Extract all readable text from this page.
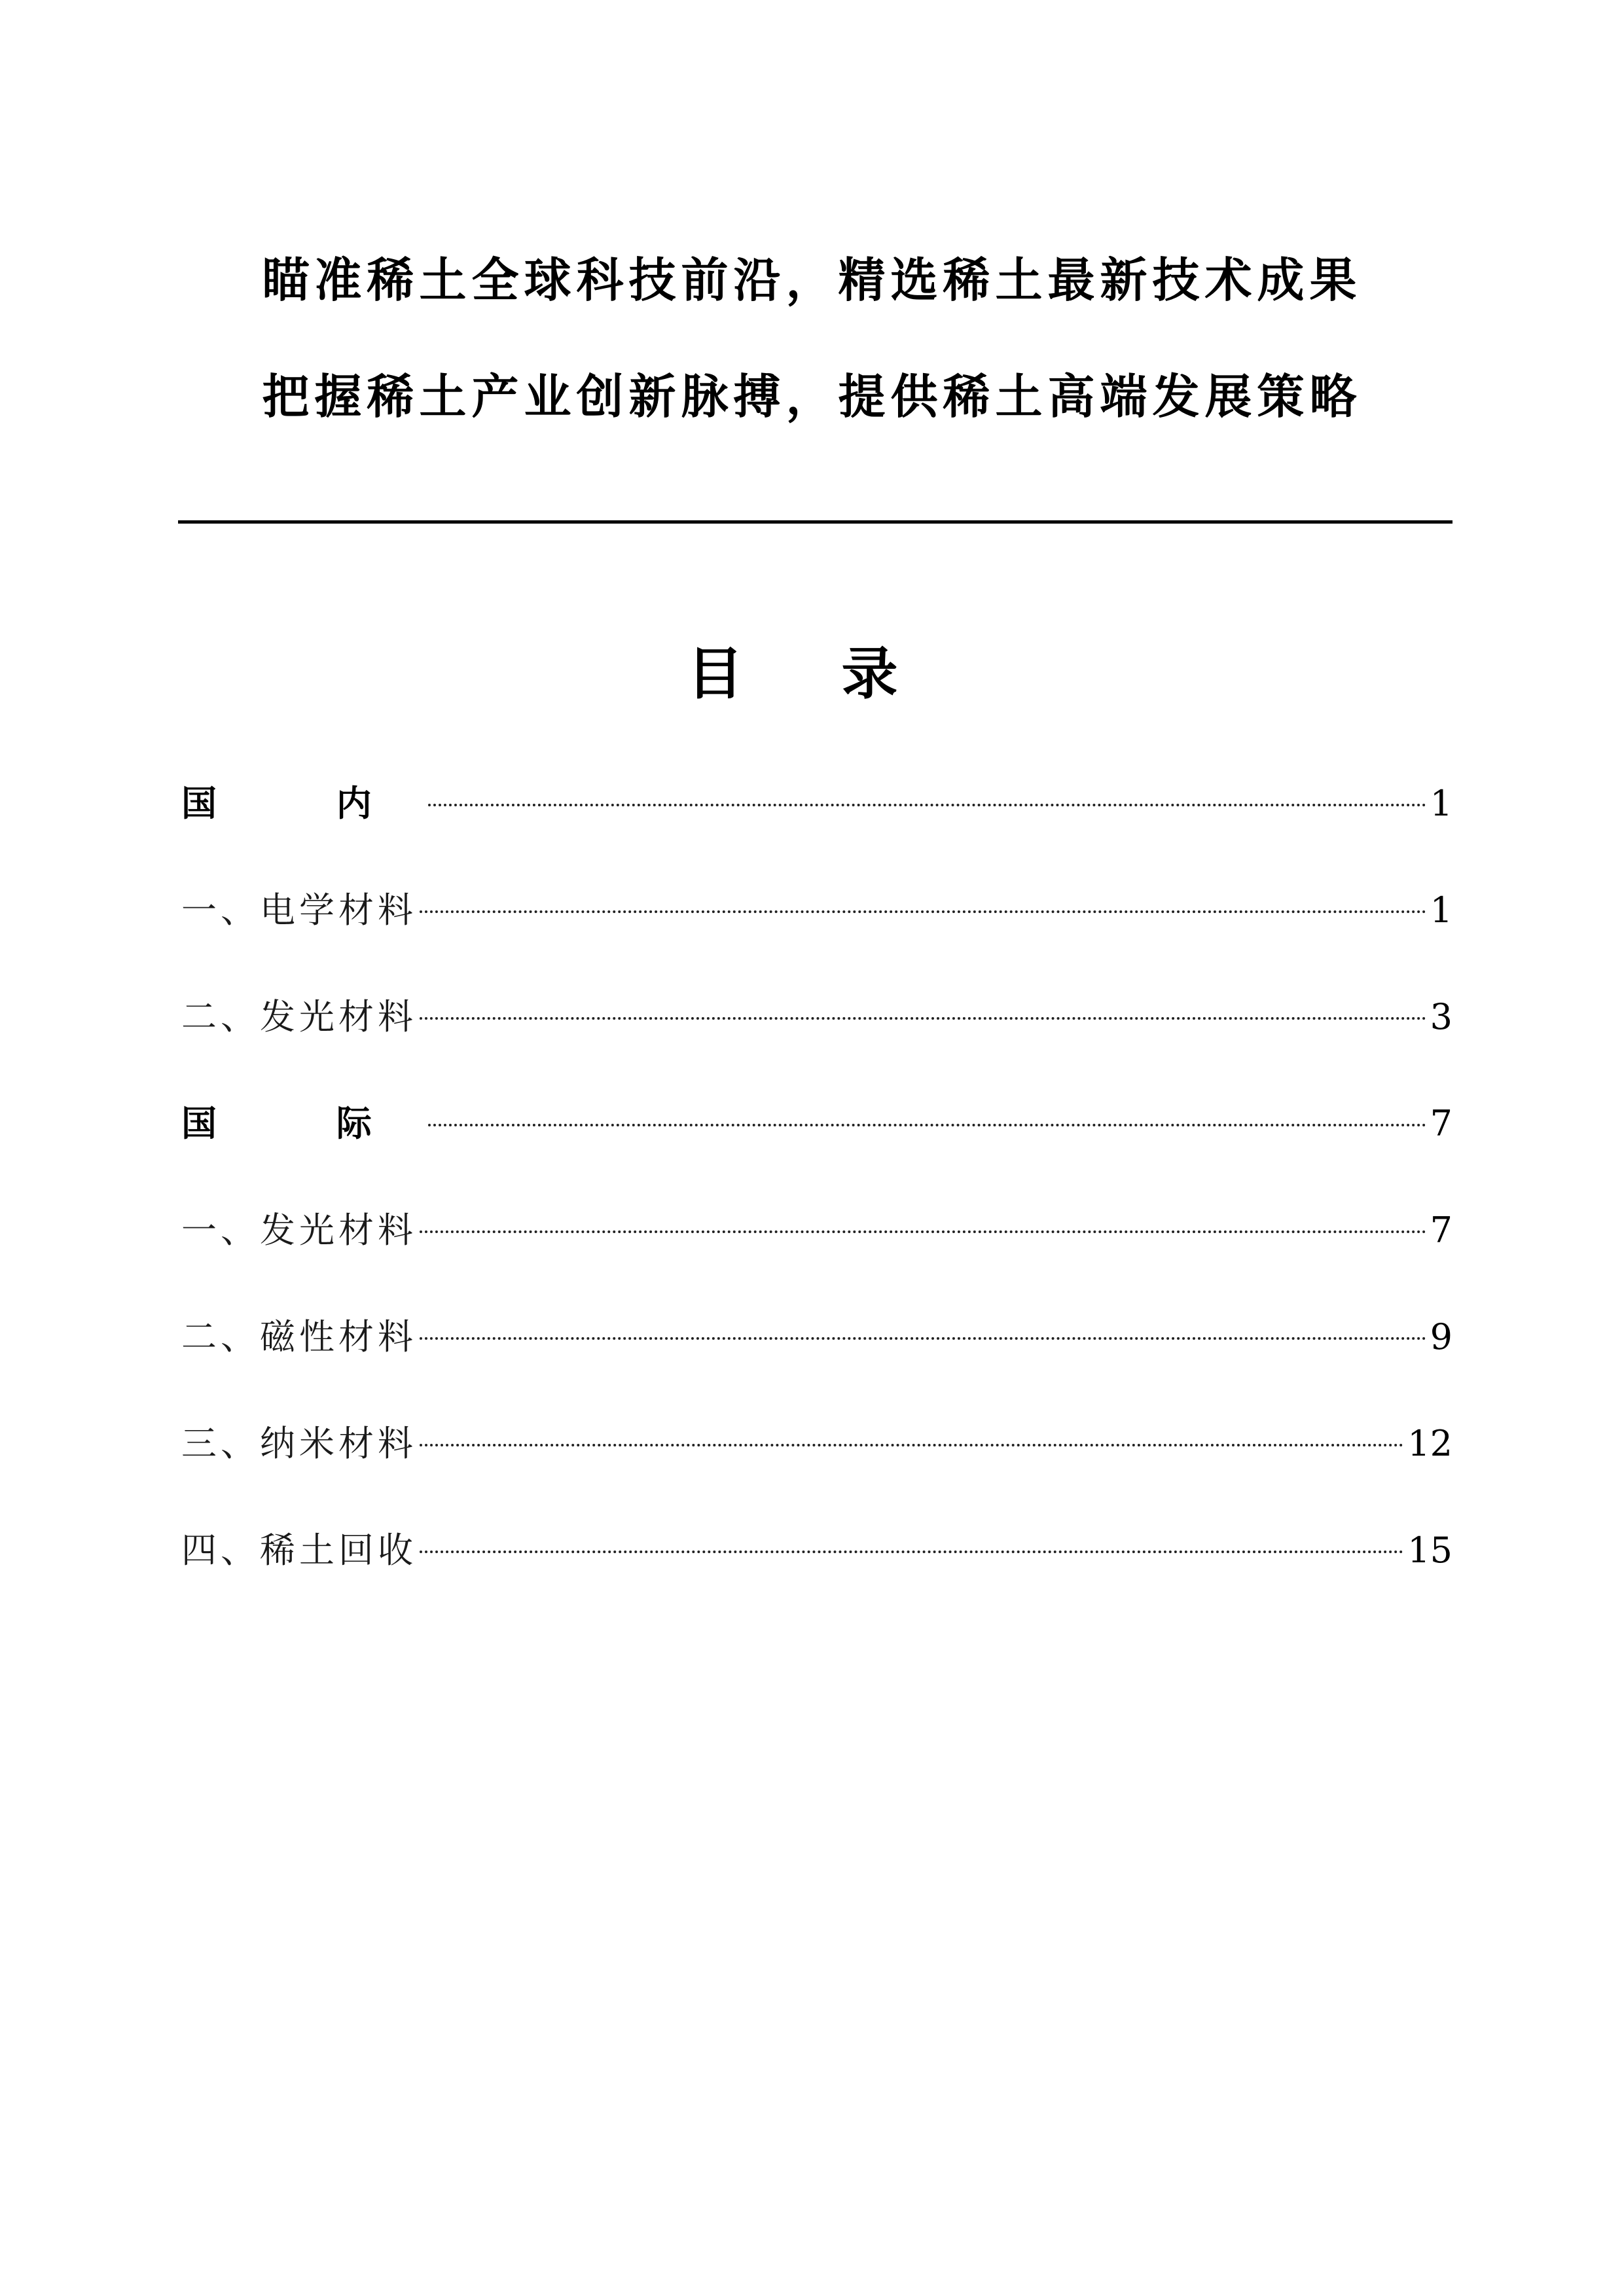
瞄准稀土全球科技前沿，精选稀土最新技术成果
把握稀土产业创新脉搏，提供稀土高端发展策略
目 录
国 内	1
一、电学材料	1
二、发光材料	3
国 际	7
一、发光材料	7
二、磁性材料	9
三、纳米材料	12
四、稀土回收	15
